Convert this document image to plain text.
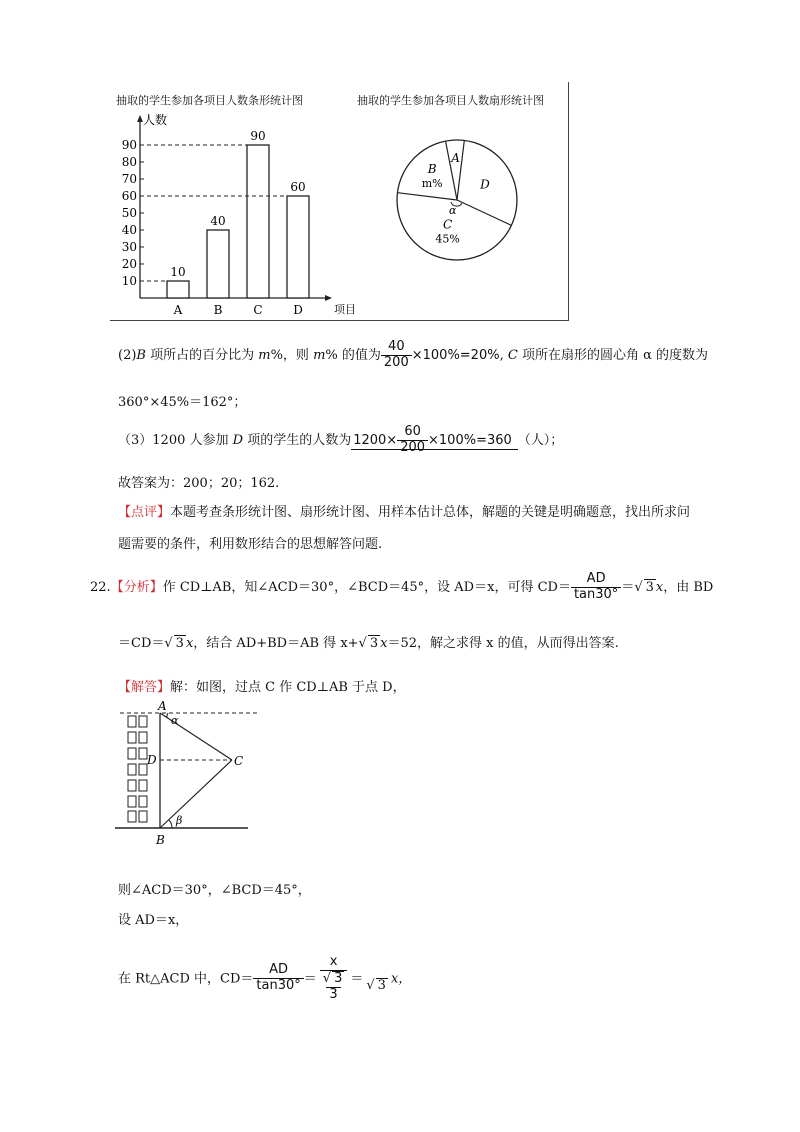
抽取的学生参加各项目人数条形统计图	抽取的学生参加各项目人数扇形统计图
人数
项目
10
20
30
40
50
60
70
80
90
10
A
40
B
90
C
60
D
A
D
C
45%
B
m%
α
(2)B 项所占的百分比为 m%，则 m% 的值为 $\frac{40}{200} \times 100\%=20\%$, C 项所在扇形的圆心角 α 的度数为
360°×45%＝162°；
（3）1200 人参加 D 项的学生的人数为 $1200\times \frac{60}{200} \times 100\%=360$ （人）；
故答案为：200；20；162.
【点评】本题考查条形统计图、扇形统计图、用样本估计总体，解题的关键是明确题意，找出所求问
题需要的条件，利用数形结合的思想解答问题.
22.【分析】作 CD⊥AB，知∠ACD＝30°，∠BCD＝45°，设 AD＝x，可得 $CD= \frac{AD}{\tan 30^\circ}$ ＝√ 3 x，由 BD
＝CD＝√ 3 x，结合 AD+BD＝AB 得 x+√ 3 x＝52，解之求得 x 的值，从而得出答案.
【解答】解：如图，过点 C 作 CD⊥AB 于点 D，
A
α
D	C
β
B
则∠ACD＝30°，∠BCD＝45°，
设 AD＝x，
在 Rt△ACD 中，$CD= \frac{AD}{\tan 30^\circ} = \frac{\frac{x}{√ 3}}{3}$ ＝
√ 3 x，
